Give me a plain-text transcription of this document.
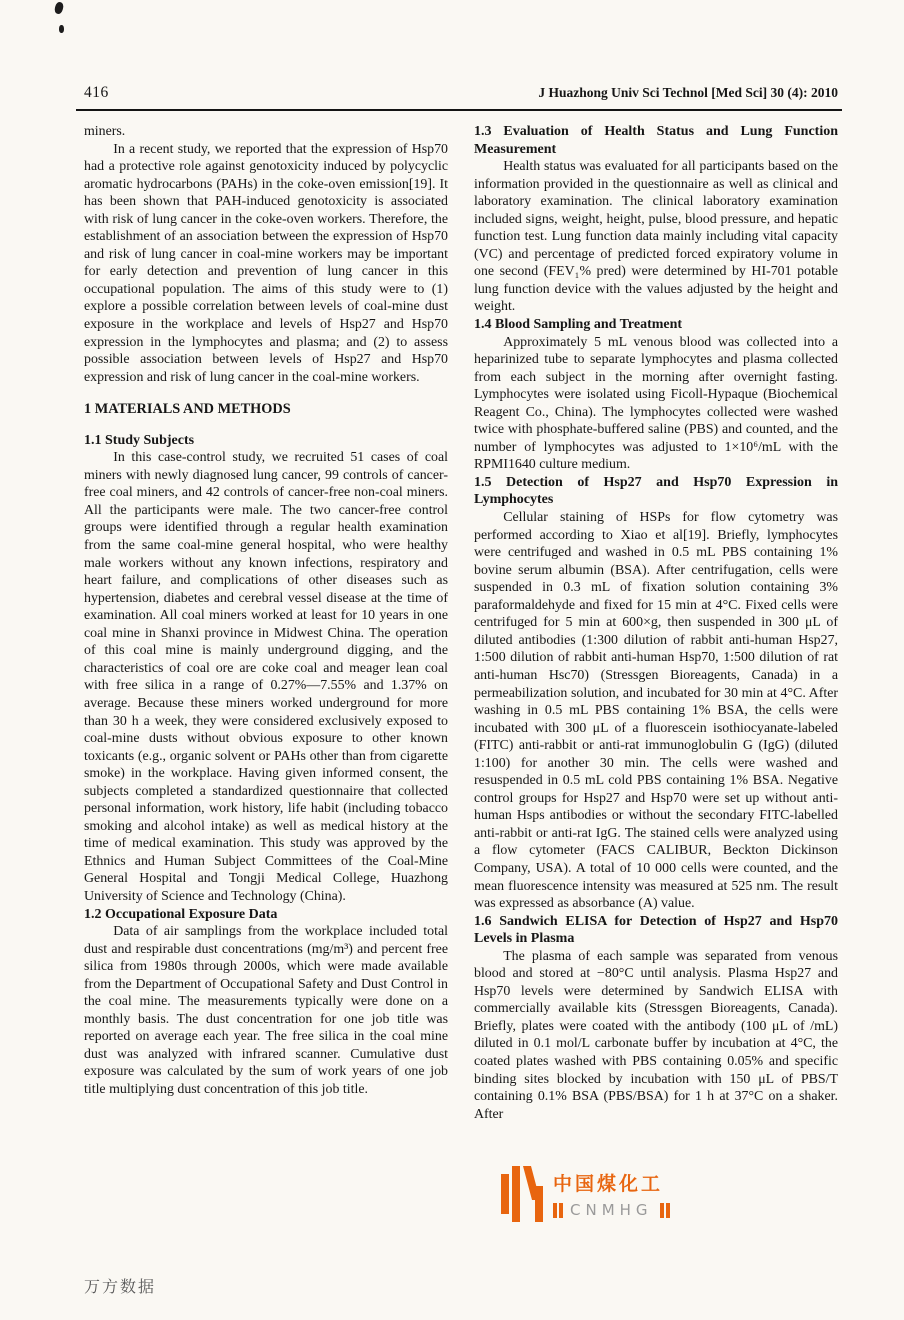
416	J Huazhong Univ Sci Technol [Med Sci] 30 (4): 2010

miners.

In a recent study, we reported that the expression of Hsp70 had a protective role against genotoxicity induced by polycyclic aromatic hydrocarbons (PAHs) in the coke-oven emission[19]. It has been shown that PAH-induced genotoxicity is associated with risk of lung cancer in the coke-oven workers. Therefore, the establishment of an association between the expression of Hsp70 and risk of lung cancer in coal-mine workers may be important for early detection and prevention of lung cancer in this occupational population. The aims of this study were to (1) explore a possible correlation between levels of coal-mine dust exposure in the workplace and levels of Hsp27 and Hsp70 expression in the lymphocytes and plasma; and (2) to assess possible association between levels of Hsp27 and Hsp70 expression and risk of lung cancer in the coal-mine workers.

1 MATERIALS AND METHODS
1.1 Study Subjects

In this case-control study, we recruited 51 cases of coal miners with newly diagnosed lung cancer, 99 controls of cancer-free coal miners, and 42 controls of cancer-free non-coal miners. All the participants were male. The two cancer-free control groups were identified through a regular health examination from the same coal-mine general hospital, who were healthy male workers without any known infections, respiratory and heart failure, and complications of other diseases such as hypertension, diabetes and cerebral vessel disease at the time of examination. All coal miners worked at least for 10 years in one coal mine in Shanxi province in Midwest China. The operation of this coal mine is mainly underground digging, and the characteristics of coal ore are coke coal and meager lean coal with free silica in a range of 0.27%—7.55% and 1.37% on average. Because these miners worked underground for more than 30 h a week, they were considered exclusively exposed to coal-mine dusts without obvious exposure to other known toxicants (e.g., organic solvent or PAHs other than from cigarette smoke) in the workplace. Having given informed consent, the subjects completed a standardized questionnaire that collected personal information, work history, life habit (including tobacco smoking and alcohol intake) as well as medical history at the time of medical examination. This study was approved by the Ethnics and Human Subject Committees of the Coal-Mine General Hospital and Tongji Medical College, Huazhong University of Science and Technology (China).

1.2 Occupational Exposure Data

Data of air samplings from the workplace included total dust and respirable dust concentrations (mg/m³) and percent free silica from 1980s through 2000s, which were made available from the Department of Occupational Safety and Dust Control in the coal mine. The measurements typically were done on a monthly basis. The dust concentration for one job title was reported on average each year. The free silica in the coal mine dust was analyzed with infrared scanner. Cumulative dust exposure was calculated by the sum of work years of one job title multiplying dust concentration of this job title.

1.3 Evaluation of Health Status and Lung Function Measurement

Health status was evaluated for all participants based on the information provided in the questionnaire as well as clinical and laboratory examination. The clinical laboratory examination included signs, weight, height, pulse, blood pressure, and hepatic function test. Lung function data mainly including vital capacity (VC) and percentage of predicted forced expiratory volume in one second (FEV₁% pred) were determined by HI-701 potable lung function device with the values adjusted by the height and weight.

1.4 Blood Sampling and Treatment

Approximately 5 mL venous blood was collected into a heparinized tube to separate lymphocytes and plasma collected from each subject in the morning after overnight fasting. Lymphocytes were isolated using Ficoll-Hypaque (Biochemical Reagent Co., China). The lymphocytes collected were washed twice with phosphate-buffered saline (PBS) and counted, and the number of lymphocytes was adjusted to 1×10⁶/mL with the RPMI1640 culture medium.

1.5 Detection of Hsp27 and Hsp70 Expression in Lymphocytes

Cellular staining of HSPs for flow cytometry was performed according to Xiao et al[19]. Briefly, lymphocytes were centrifuged and washed in 0.5 mL PBS containing 1% bovine serum albumin (BSA). After centrifugation, cells were suspended in 0.3 mL of fixation solution containing 3% paraformaldehyde and fixed for 15 min at 4°C. Fixed cells were centrifuged for 5 min at 600×g, then suspended in 300 μL of diluted antibodies (1:300 dilution of rabbit anti-human Hsp27, 1:500 dilution of rabbit anti-human Hsp70, 1:500 dilution of rat anti-human Hsc70) (Stressgen Bioreagents, Canada) in a permeabilization solution, and incubated for 30 min at 4°C. After washing in 0.5 mL PBS containing 1% BSA, the cells were incubated with 300 μL of a fluorescein isothiocyanate-labeled (FITC) anti-rabbit or anti-rat immunoglobulin G (IgG) (diluted 1:100) for another 30 min. The cells were washed and resuspended in 0.5 mL cold PBS containing 1% BSA. Negative control groups for Hsp27 and Hsp70 were set up without anti-human Hsps antibodies or without the secondary FITC-labelled anti-rabbit or anti-rat IgG. The stained cells were analyzed using a flow cytometer (FACS CALIBUR, Beckton Dickinson Company, USA). A total of 10 000 cells were counted, and the mean fluorescence intensity was measured at 525 nm. The result was expressed as absorbance (A) value.

1.6 Sandwich ELISA for Detection of Hsp27 and Hsp70 Levels in Plasma

The plasma of each sample was separated from venous blood and stored at −80°C until analysis. Plasma Hsp27 and Hsp70 levels were determined by Sandwich ELISA with commercially available kits (Stressgen Bioreagents, Canada). Briefly, plates were coated with the antibody (100 μL of /mL) diluted in 0.1 mol/L carbonate buffer by incubation at 4°C, the coated plates washed with PBS containing 0.05% and specific binding sites blocked by incubation with 150 μL of PBS/T containing 0.1% BSA (PBS/BSA) for 1 h at 37°C on a shaker. After

中国煤化工
CNMHG
万方数据
